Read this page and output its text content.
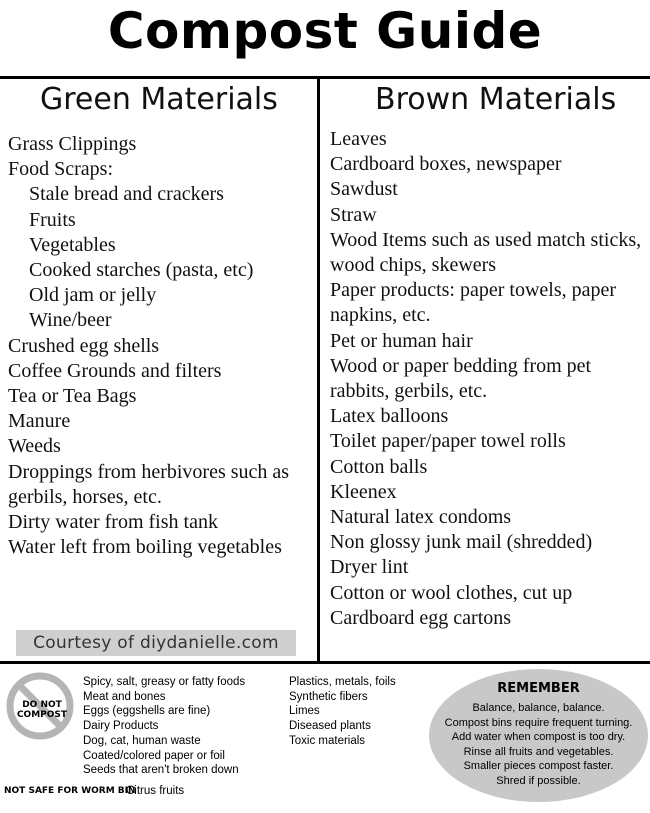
Compost Guide
Green Materials	Brown Materials
Grass Clippings
Food Scraps:
Stale bread and crackers
Fruits
Vegetables
Cooked starches (pasta, etc)
Old jam or jelly
Wine/beer
Crushed egg shells
Coffee Grounds and filters
Tea or Tea Bags
Manure
Weeds
Droppings from herbivores such as gerbils, horses, etc.
Dirty water from fish tank
Water left from boiling vegetables
Leaves
Cardboard boxes, newspaper
Sawdust
Straw
Wood Items such as used match sticks, wood chips, skewers
Paper products: paper towels, paper napkins, etc.
Pet or human hair
Wood or paper bedding from pet rabbits, gerbils, etc.
Latex balloons
Toilet paper/paper towel rolls
Cotton balls
Kleenex
Natural latex condoms
Non glossy junk mail (shredded)
Dryer lint
Cotton or wool clothes, cut up
Cardboard egg cartons
Courtesy of diydanielle.com
DO NOT COMPOST
Spicy, salt, greasy or fatty foods
Meat and bones
Eggs (eggshells are fine)
Dairy Products
Dog, cat, human waste
Coated/colored paper or foil
Seeds that aren't broken down
Plastics, metals, foils
Synthetic fibers
Limes
Diseased plants
Toxic materials
NOT SAFE FOR WORM BIN
Citrus fruits
REMEMBER
Balance, balance, balance.
Compost bins require frequent turning.
Add water when compost is too dry.
Rinse all fruits and vegetables.
Smaller pieces compost faster.
Shred if possible.
